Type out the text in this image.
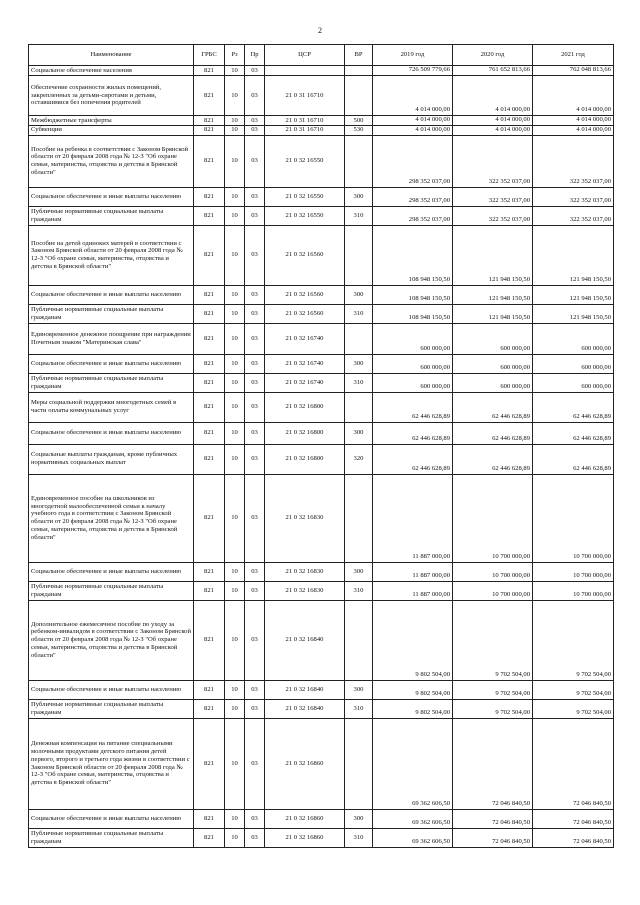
2
Наименование	ГРБС	Рз	Пр	ЦСР	ВР	2019 год	2020 год	2021 год
Социальное обеспечение населения	821	10	03			726 509 779,66	761 652 813,66	762 048 813,66
Обеспечение сохранности жилых помещений, закрепленных за детьми-сиротами и детьми, оставшимися без попечения родителей	821	10	03	21 0 31 16710		4 014 000,00	4 014 000,00	4 014 000,00
Межбюджетные трансферты	821	10	03	21 0 31 16710	500	4 014 000,00	4 014 000,00	4 014 000,00
Субвенции	821	10	03	21 0 31 16710	530	4 014 000,00	4 014 000,00	4 014 000,00
Пособие на ребенка в соответствии с Законом Брянской области от 20 февраля 2008 года № 12-З "Об охране семьи, материнства, отцовства и детства в Брянской области"	821	10	03	21 0 32 16550		298 352 037,00	322 352 037,00	322 352 037,00
Социальное обеспечение и иные выплаты населению	821	10	03	21 0 32 16550	300	298 352 037,00	322 352 037,00	322 352 037,00
Публичные нормативные социальные выплаты гражданам	821	10	03	21 0 32 16550	310	298 352 037,00	322 352 037,00	322 352 037,00
Пособие на детей одиноких матерей в соответствии с Законом Брянской области от 20 февраля 2008 года № 12-З "Об охране семьи, материнства, отцовства и детства в Брянской области"	821	10	03	21 0 32 16560		108 948 150,50	121 948 150,50	121 948 150,50
Социальное обеспечение и иные выплаты населению	821	10	03	21 0 32 16560	300	108 948 150,50	121 948 150,50	121 948 150,50
Публичные нормативные социальные выплаты гражданам	821	10	03	21 0 32 16560	310	108 948 150,50	121 948 150,50	121 948 150,50
Единовременное денежное поощрение при награждении Почетным знаком "Материнская слава"	821	10	03	21 0 32 16740		600 000,00	600 000,00	600 000,00
Социальное обеспечение и иные выплаты населению	821	10	03	21 0 32 16740	300	600 000,00	600 000,00	600 000,00
Публичные нормативные социальные выплаты гражданам	821	10	03	21 0 32 16740	310	600 000,00	600 000,00	600 000,00
Меры социальной поддержки многодетных семей в части оплаты коммунальных услуг	821	10	03	21 0 32 16800		62 446 628,89	62 446 628,89	62 446 628,89
Социальное обеспечение и иные выплаты населению	821	10	03	21 0 32 16800	300	62 446 628,89	62 446 628,89	62 446 628,89
Социальные выплаты гражданам, кроме публичных нормативных социальных выплат	821	10	03	21 0 32 16800	320	62 446 628,89	62 446 628,89	62 446 628,89
Единовременное пособие на школьников из многодетной малообеспеченной семьи к началу учебного года в соответствии с Законом Брянской области от 20 февраля 2008 года № 12-З "Об охране семьи, материнства, отцовства и детства в Брянской области"	821	10	03	21 0 32 16830		11 887 000,00	10 700 000,00	10 700 000,00
Социальное обеспечение и иные выплаты населению	821	10	03	21 0 32 16830	300	11 887 000,00	10 700 000,00	10 700 000,00
Публичные нормативные социальные выплаты гражданам	821	10	03	21 0 32 16830	310	11 887 000,00	10 700 000,00	10 700 000,00
Дополнительное ежемесячное пособие по уходу за ребенком-инвалидом в соответствии с Законом Брянской области от 20 февраля 2008 года № 12-З "Об охране семьи, материнства, отцовства и детства в Брянской области"	821	10	03	21 0 32 16840		9 802 504,00	9 702 504,00	9 702 504,00
Социальное обеспечение и иные выплаты населению	821	10	03	21 0 32 16840	300	9 802 504,00	9 702 504,00	9 702 504,00
Публичные нормативные социальные выплаты гражданам	821	10	03	21 0 32 16840	310	9 802 504,00	9 702 504,00	9 702 504,00
Денежная компенсация на питание специальными молочными продуктами детского питания детей первого, второго и третьего года жизни в соответствии с Законом Брянской области от 20 февраля 2008 года № 12-З "Об охране семьи, материнства, отцовства и детства в Брянской области"	821	10	03	21 0 32 16860		69 362 606,50	72 046 840,50	72 046 840,50
Социальное обеспечение и иные выплаты населению	821	10	03	21 0 32 16860	300	69 362 606,50	72 046 840,50	72 046 840,50
Публичные нормативные социальные выплаты гражданам	821	10	03	21 0 32 16860	310	69 362 606,50	72 046 840,50	72 046 840,50
